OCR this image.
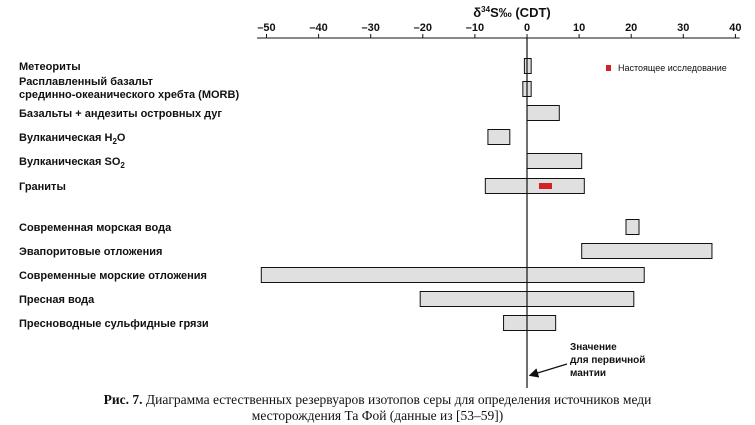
$\delta^{34}S‰$ (CDT)
–50	–40	–30	–20	–10	0	10	20	30	40
Метеориты
Расплавленный базальт
срединно-океанического хребта (MORB)
Базальты + андезиты островных дуг
Вулканическая $H_2O$
Вулканическая $SO_2$
Граниты
Современная морская вода
Эвапоритовые отложения
Современные морские отложения
Пресная вода
Пресноводные сульфидные грязи
Настоящее исследование
Значение
для первичной
мантии
Рис. 7. Диаграмма естественных резервуаров изотопов серы для определения источников меди
месторождения Та Фой (данные из [53–59])
